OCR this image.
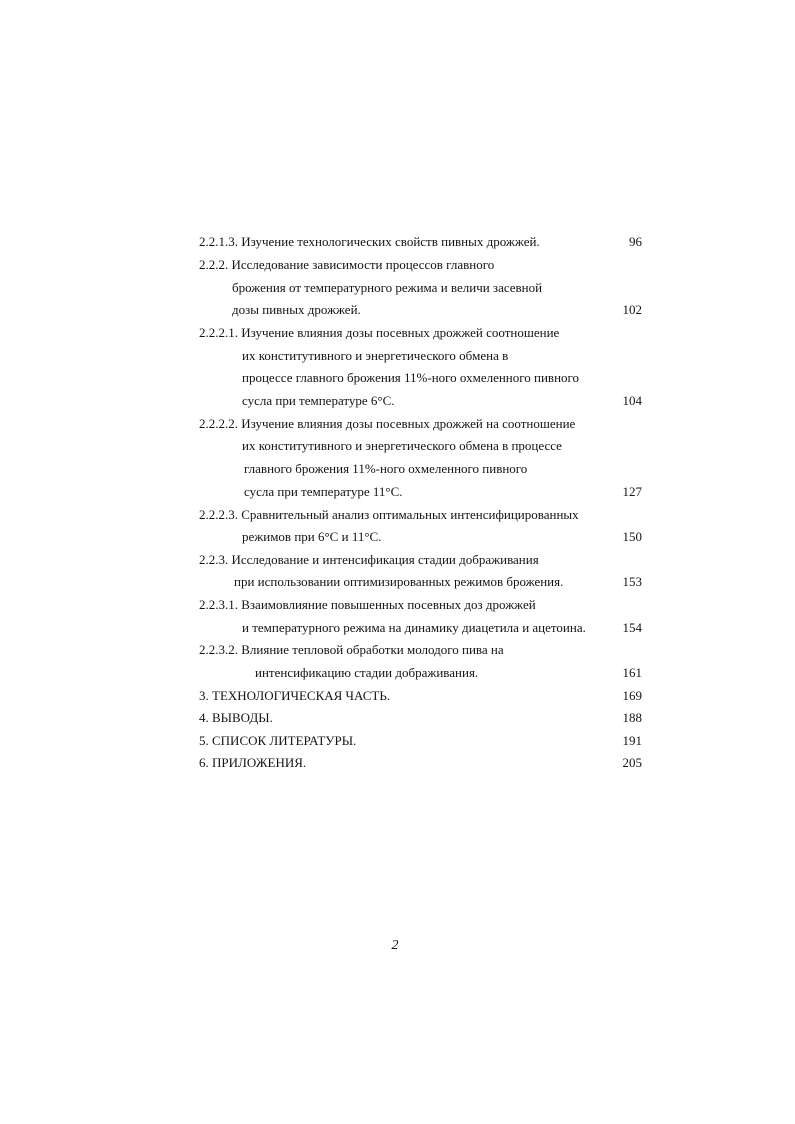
2.2.1.3. Изучение технологических свойств пивных дрожжей.	96
2.2.2. Исследование зависимости процессов главного
брожения от температурного режима и величи засевной
дозы пивных дрожжей.	102
2.2.2.1. Изучение влияния дозы посевных дрожжей соотношение
их конститутивного и энергетического обмена в
процессе главного брожения 11%-ного охмеленного пивного
сусла при температуре 6°С.	104
2.2.2.2. Изучение влияния дозы посевных дрожжей на соотношение
их конститутивного и энергетического обмена в процессе
главного брожения 11%-ного охмеленного пивного
сусла при температуре 11°С.	127
2.2.2.3. Сравнительный анализ оптимальных интенсифицированных
режимов при 6°С и 11°С.	150
2.2.3. Исследование и интенсификация стадии дображивания
при использовании оптимизированных режимов брожения.	153
2.2.3.1. Взаимовлияние повышенных посевных доз дрожжей
и температурного режима на динамику диацетила и ацетоина.	154
2.2.3.2. Влияние тепловой обработки молодого пива на
интенсификацию стадии дображивания.	161
3. ТЕХНОЛОГИЧЕСКАЯ ЧАСТЬ.	169
4. ВЫВОДЫ.	188
5. СПИСОК ЛИТЕРАТУРЫ.	191
6. ПРИЛОЖЕНИЯ.	205
2
